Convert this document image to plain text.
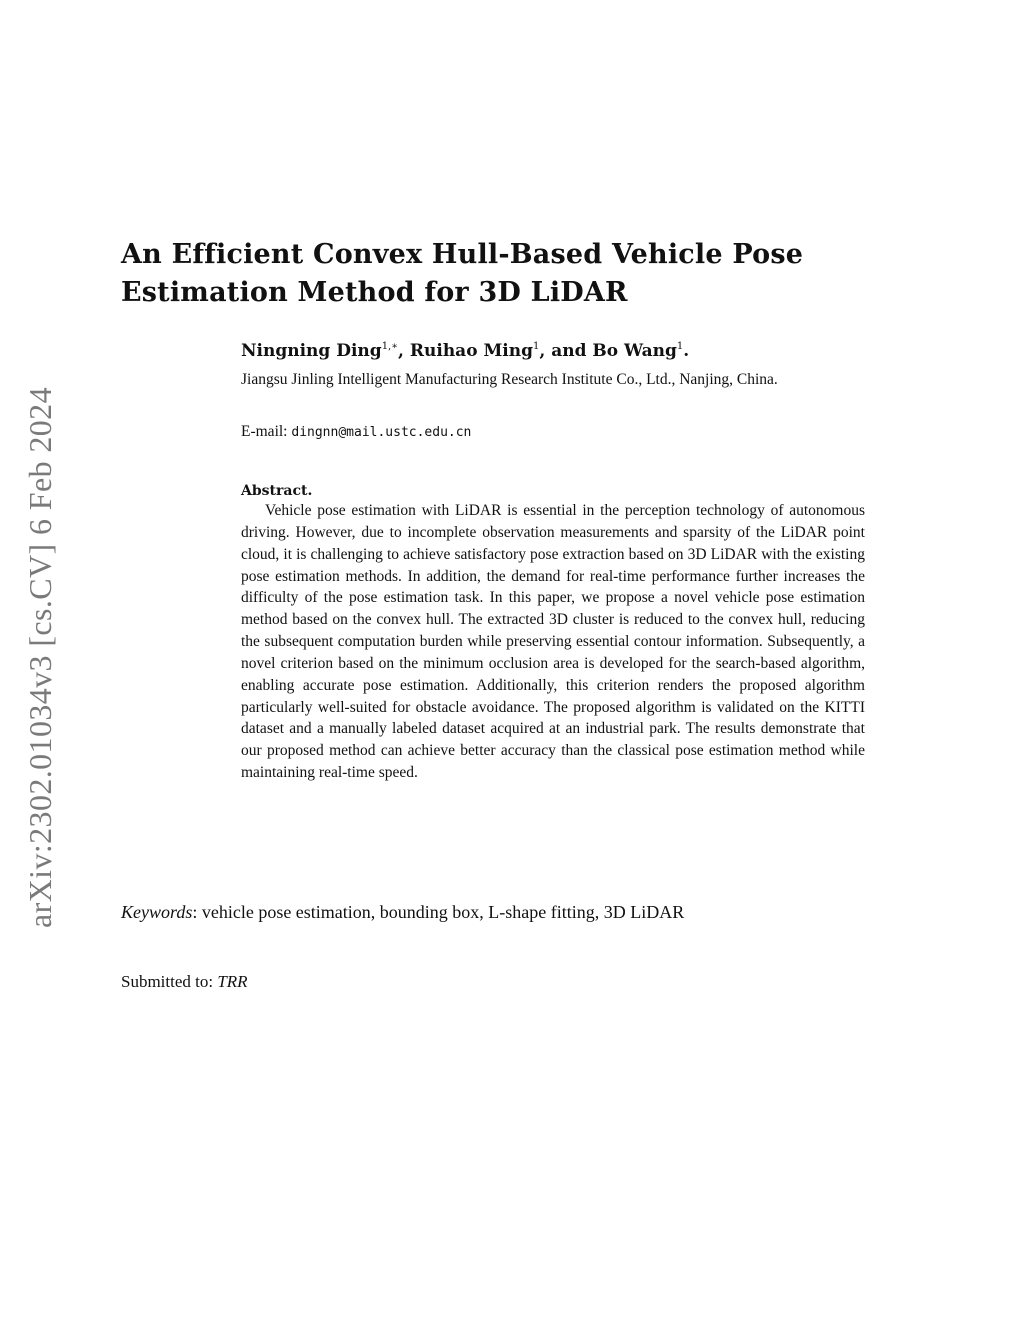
arXiv:2302.01034v3 [cs.CV] 6 Feb 2024
An Efficient Convex Hull-Based Vehicle Pose Estimation Method for 3D LiDAR

Ningning Ding$^{1,∗}$, Ruihao Ming$^1$, and Bo Wang$^1$.

Jiangsu Jinling Intelligent Manufacturing Research Institute Co., Ltd., Nanjing, China.

E-mail: dingnn@mail.ustc.edu.cn

Abstract.

Vehicle pose estimation with LiDAR is essential in the perception technology of autonomous driving. However, due to incomplete observation measurements and sparsity of the LiDAR point cloud, it is challenging to achieve satisfactory pose extraction based on 3D LiDAR with the existing pose estimation methods. In addition, the demand for real-time performance further increases the difficulty of the pose estimation task. In this paper, we propose a novel vehicle pose estimation method based on the convex hull. The extracted 3D cluster is reduced to the convex hull, reducing the subsequent computation burden while preserving essential contour information. Subsequently, a novel criterion based on the minimum occlusion area is developed for the search-based algorithm, enabling accurate pose estimation. Additionally, this criterion renders the proposed algorithm particularly well-suited for obstacle avoidance. The proposed algorithm is validated on the KITTI dataset and a manually labeled dataset acquired at an industrial park. The results demonstrate that our proposed method can achieve better accuracy than the classical pose estimation method while maintaining real-time speed.

Keywords: vehicle pose estimation, bounding box, L-shape fitting, 3D LiDAR

Submitted to: TRR
